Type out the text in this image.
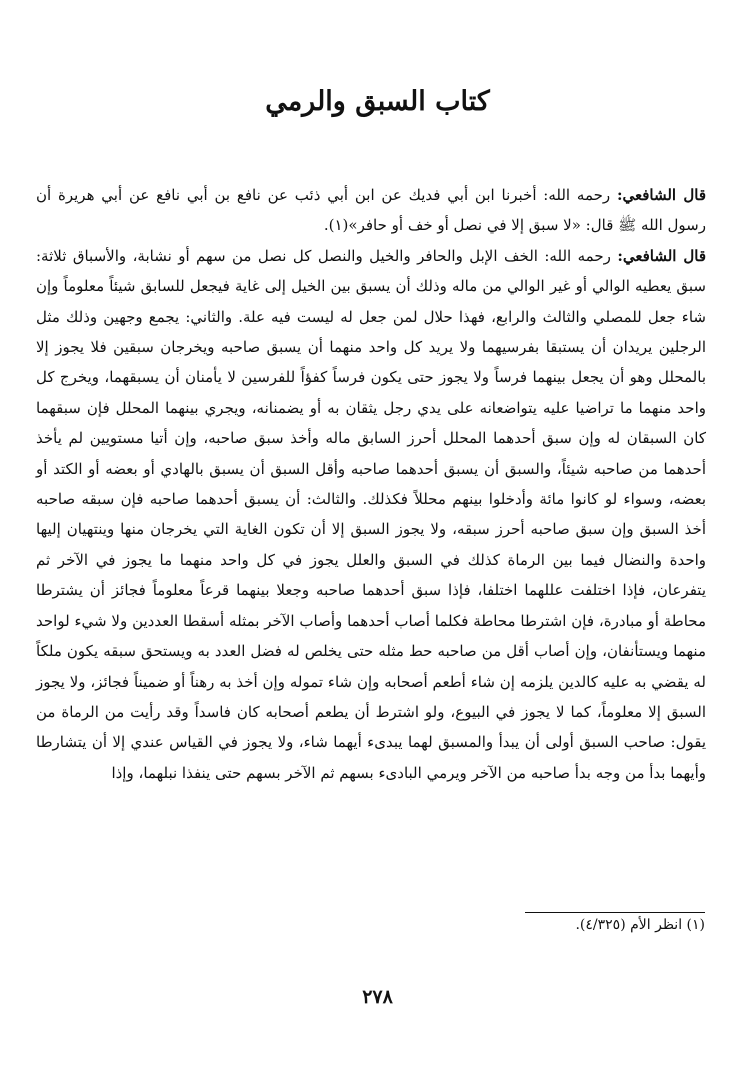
كتاب السبق والرمي

قال الشافعي: رحمه الله: أخبرنا ابن أبي فديك عن ابن أبي ذئب عن نافع بن أبي نافع عن أبي هريرة أن رسول الله ﷺ قال: «لا سبق إلا في نصل أو خف أو حافر»(١).

قال الشافعي: رحمه الله: الخف الإبل والحافر والخيل والنصل كل نصل من سهم أو نشابة، والأسباق ثلاثة: سبق يعطيه الوالي أو غير الوالي من ماله وذلك أن يسبق بين الخيل إلى غاية فيجعل للسابق شيئاً معلوماً وإن شاء جعل للمصلي والثالث والرابع، فهذا حلال لمن جعل له ليست فيه علة. والثاني: يجمع وجهين وذلك مثل الرجلين يريدان أن يستبقا بفرسيهما ولا يريد كل واحد منهما أن يسبق صاحبه ويخرجان سبقين فلا يجوز إلا بالمحلل وهو أن يجعل بينهما فرساً ولا يجوز حتى يكون فرساً كفؤاً للفرسين لا يأمنان أن يسبقهما، ويخرج كل واحد منهما ما تراضيا عليه يتواضعانه على يدي رجل يثقان به أو يضمنانه، ويجري بينهما المحلل فإن سبقهما كان السبقان له وإن سبق أحدهما المحلل أحرز السابق ماله وأخذ سبق صاحبه، وإن أتيا مستويين لم يأخذ أحدهما من صاحبه شيئاً، والسبق أن يسبق أحدهما صاحبه وأقل السبق أن يسبق بالهادي أو بعضه أو الكتد أو بعضه، وسواء لو كانوا مائة وأدخلوا بينهم محللاً فكذلك. والثالث: أن يسبق أحدهما صاحبه فإن سبقه صاحبه أخذ السبق وإن سبق صاحبه أحرز سبقه، ولا يجوز السبق إلا أن تكون الغاية التي يخرجان منها وينتهيان إليها واحدة والنضال فيما بين الرماة كذلك في السبق والعلل يجوز في كل واحد منهما ما يجوز في الآخر ثم يتفرعان، فإذا اختلفت عللهما اختلفا، فإذا سبق أحدهما صاحبه وجعلا بينهما قرعاً معلوماً فجائز أن يشترطا محاطة أو مبادرة، فإن اشترطا محاطة فكلما أصاب أحدهما وأصاب الآخر بمثله أسقطا العددين ولا شيء لواحد منهما ويستأنفان، وإن أصاب أقل من صاحبه حط مثله حتى يخلص له فضل العدد به ويستحق سبقه يكون ملكاً له يقضي به عليه كالدين يلزمه إن شاء أطعم أصحابه وإن شاء تموله وإن أخذ به رهناً أو ضميناً فجائز، ولا يجوز السبق إلا معلوماً، كما لا يجوز في البيوع، ولو اشترط أن يطعم أصحابه كان فاسداً وقد رأيت من الرماة من يقول: صاحب السبق أولى أن يبدأ والمسبق لهما يبدىء أيهما شاء، ولا يجوز في القياس عندي إلا أن يتشارطا وأيهما بدأ من وجه بدأ صاحبه من الآخر ويرمي البادىء بسهم ثم الآخر بسهم حتى ينفذا نبلهما، وإذا

(١) انظر الأم (٤/٣٢٥).
٢٧٨
